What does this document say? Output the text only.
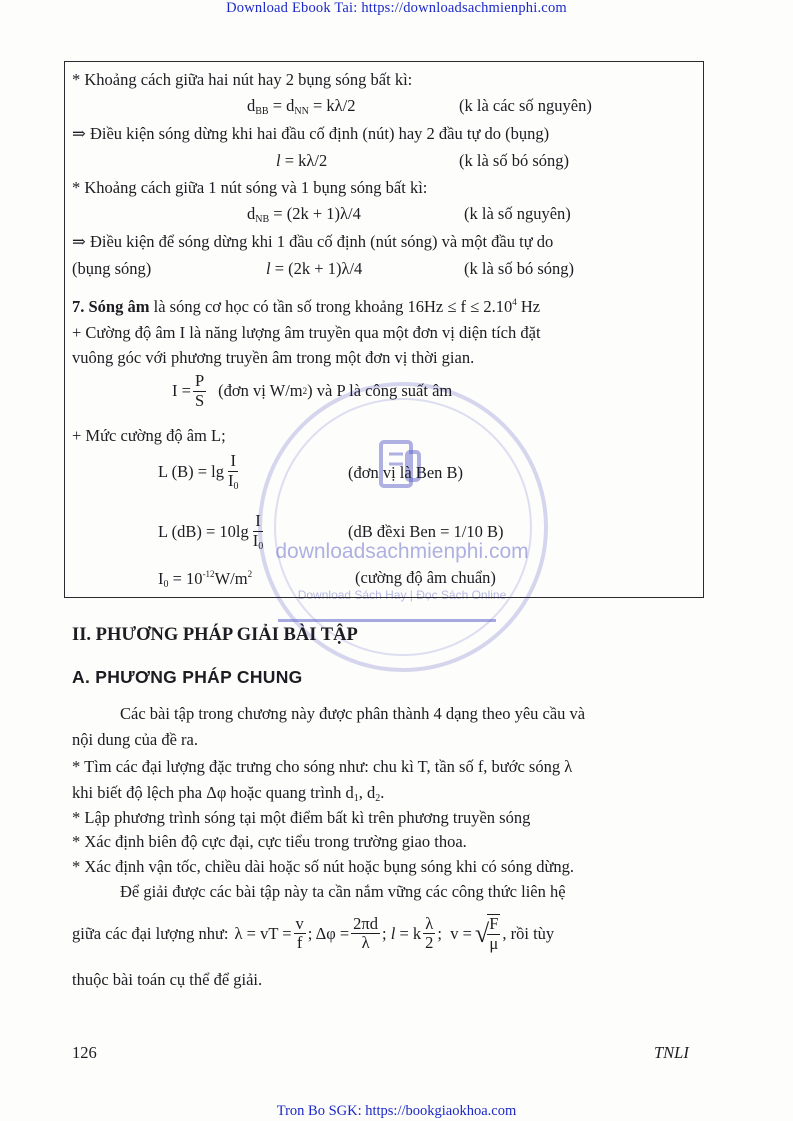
Download Ebook Tai: https://downloadsachmienphi.com
downloadsachmienphi.com
Download Sách Hay | Đọc Sách Online
* Khoảng cách giữa hai nút hay 2 bụng sóng bất kì:
$d_{BB} = d_{NN} = k\lambda/2$	(k là các số nguyên)
⇒ Điều kiện sóng dừng khi hai đầu cố định (nút) hay 2 đầu tự do (bụng)
l = kλ/2	(k là số bó sóng)
* Khoảng cách giữa 1 nút sóng và 1 bụng sóng bất kì:
$d_{NB} = (2k + 1)\lambda/4$	(k là số nguyên)
⇒ Điều kiện để sóng dừng khi 1 đầu cố định (nút sóng) và một đầu tự do
(bụng sóng)	l = (2k + 1)λ/4	(k là số bó sóng)
7. Sóng âm là sóng cơ học có tần số trong khoảng $16Hz \le f \le 2.10^4$ Hz
+ Cường độ âm I là năng lượng âm truyền qua một đơn vị diện tích đặt
vuông góc với phương truyền âm trong một đơn vị thời gian.
$I = \frac{P}{S}$ (đơn vị W/m 2 ) và P là công suất âm
+ Mức cường độ âm L;
L $(B) = \lg \frac{I}{I_0}$	(đơn vị là Ben B)
L $(dB) = 10\lg \frac{I}{I_0}$	(dB đềxi Ben = 1/10 B)
$I_0 = 10^{-12}W/m^2$	(cường độ âm chuẩn)
II. PHƯƠNG PHÁP GIẢI BÀI TẬP
A. PHƯƠNG PHÁP CHUNG
Các bài tập trong chương này được phân thành 4 dạng theo yêu cầu và
nội dung của đề ra.
* Tìm các đại lượng đặc trưng cho sóng như: chu kì T, tần số f, bước sóng λ
khi biết độ lệch pha Δφ hoặc quang trình $d_1$, $d_2$.
* Lập phương trình sóng tại một điểm bất kì trên phương truyền sóng
* Xác định biên độ cực đại, cực tiểu trong trường giao thoa.
* Xác định vận tốc, chiều dài hoặc số nút hoặc bụng sóng khi có sóng dừng.
Để giải được các bài tập này ta cần nắm vững các công thức liên hệ
giữa các đại lượng như: λ = vT = $\frac{v}{f}$ ; $\Delta\varphi = \frac{2\pi d}{\lambda}$ ; l = k $\frac{\lambda}{2}$ ;  v = √
$\frac{F}{\mu}$ , rồi tùy
thuộc bài toán cụ thể để giải.
126	TNLI
Tron Bo SGK: https://bookgiaokhoa.com
